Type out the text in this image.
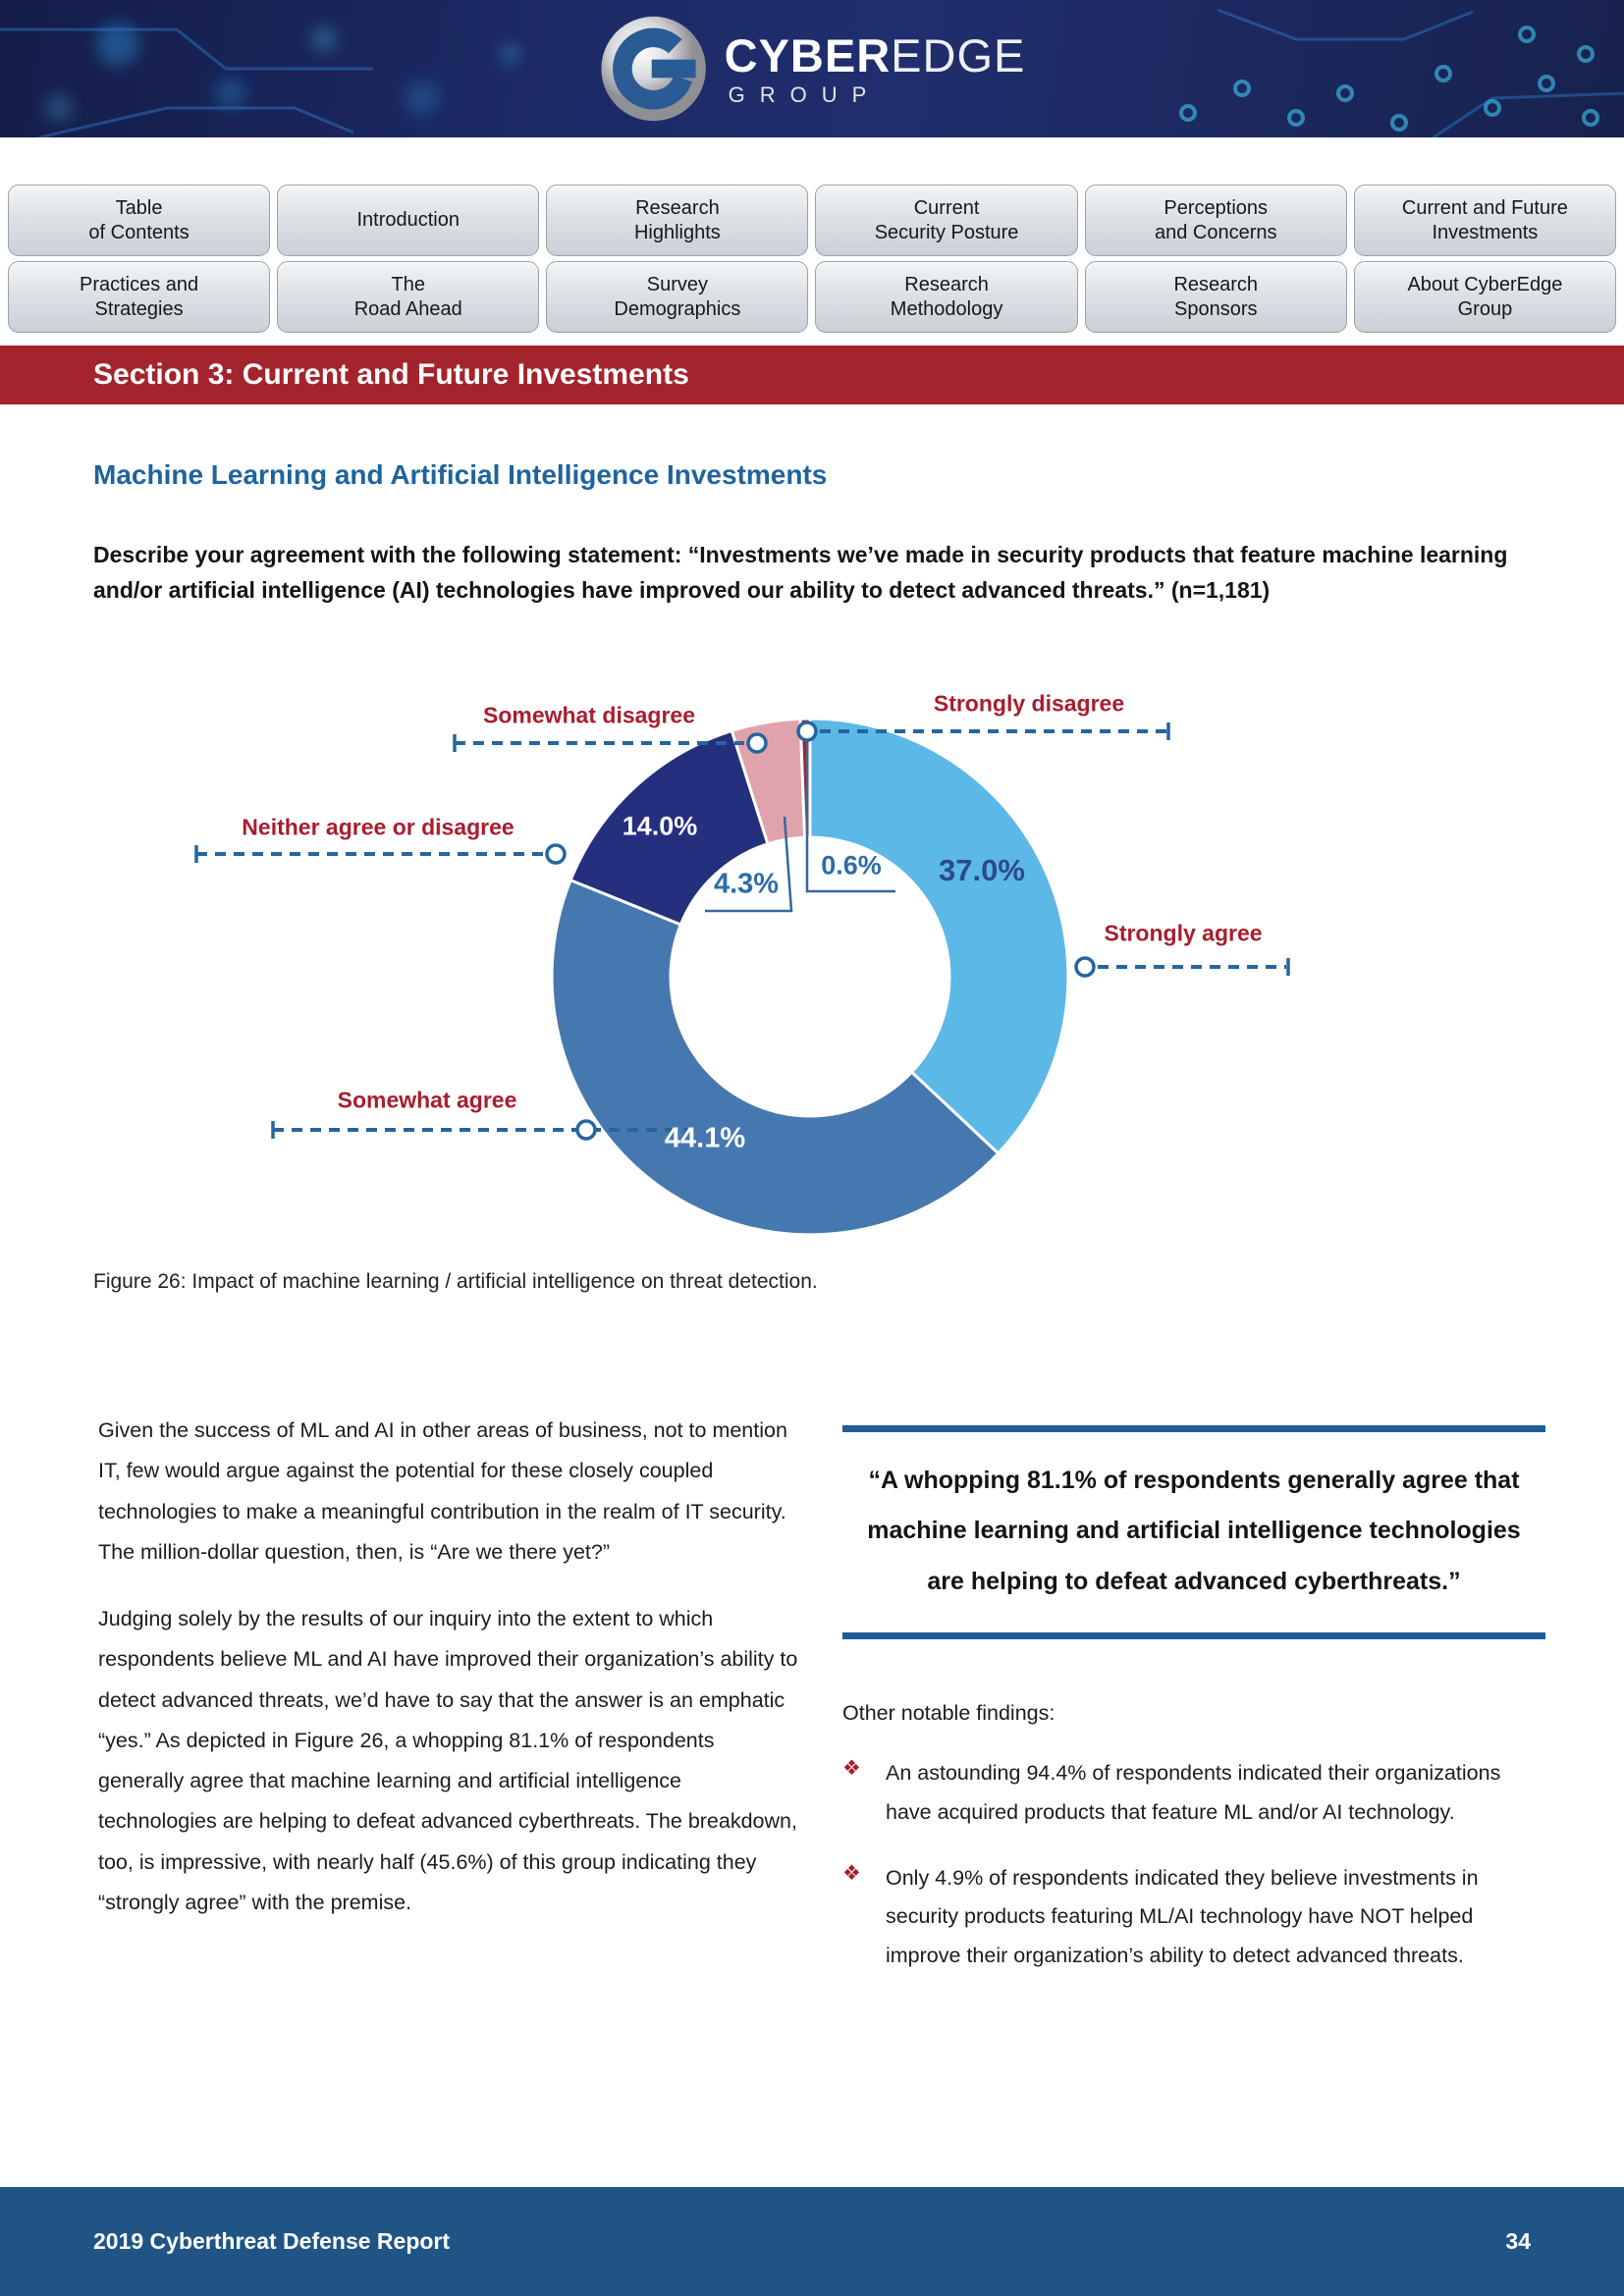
CYBEREDGE
GROUP
Table
of Contents
Introduction
Research
Highlights
Current
Security Posture
Perceptions
and Concerns
Current and Future
Investments
Practices and
Strategies
The
Road Ahead
Survey
Demographics
Research
Methodology
Research
Sponsors
About CyberEdge
Group
Section 3: Current and Future Investments
Machine Learning and Artificial Intelligence Investments
Describe your agreement with the following statement: “Investments we’ve made in security products that feature machine learning and/or artificial intelligence (AI) technologies have improved our ability to detect advanced threats.” (n=1,181)
Somewhat disagree	Strongly disagree
Neither agree or disagree
Strongly agree
Somewhat agree
37.0%
44.1%
14.0%
4.3%
0.6%
Figure 26: Impact of machine learning / artificial intelligence on threat detection.

Given the success of ML and AI in other areas of business, not to mention IT, few would argue against the potential for these closely coupled technologies to make a meaningful contribution in the realm of IT security. The million-dollar question, then, is “Are we there yet?”

Judging solely by the results of our inquiry into the extent to which respondents believe ML and AI have improved their organization’s ability to detect advanced threats, we’d have to say that the answer is an emphatic “yes.” As depicted in Figure 26, a whopping 81.1% of respondents generally agree that machine learning and artificial intelligence technologies are helping to defeat advanced cyberthreats. The breakdown, too, is impressive, with nearly half (45.6%) of this group indicating they “strongly agree” with the premise.

“A whopping 81.1% of respondents generally agree that machine learning and artificial intelligence technologies are helping to defeat advanced cyberthreats.”
Other notable findings:
❖	An astounding 94.4% of respondents indicated their organizations have acquired products that feature ML and/or AI technology.
❖	Only 4.9% of respondents indicated they believe investments in security products featuring ML/AI technology have NOT helped improve their organization’s ability to detect advanced threats.
2019 Cyberthreat Defense Report	34
